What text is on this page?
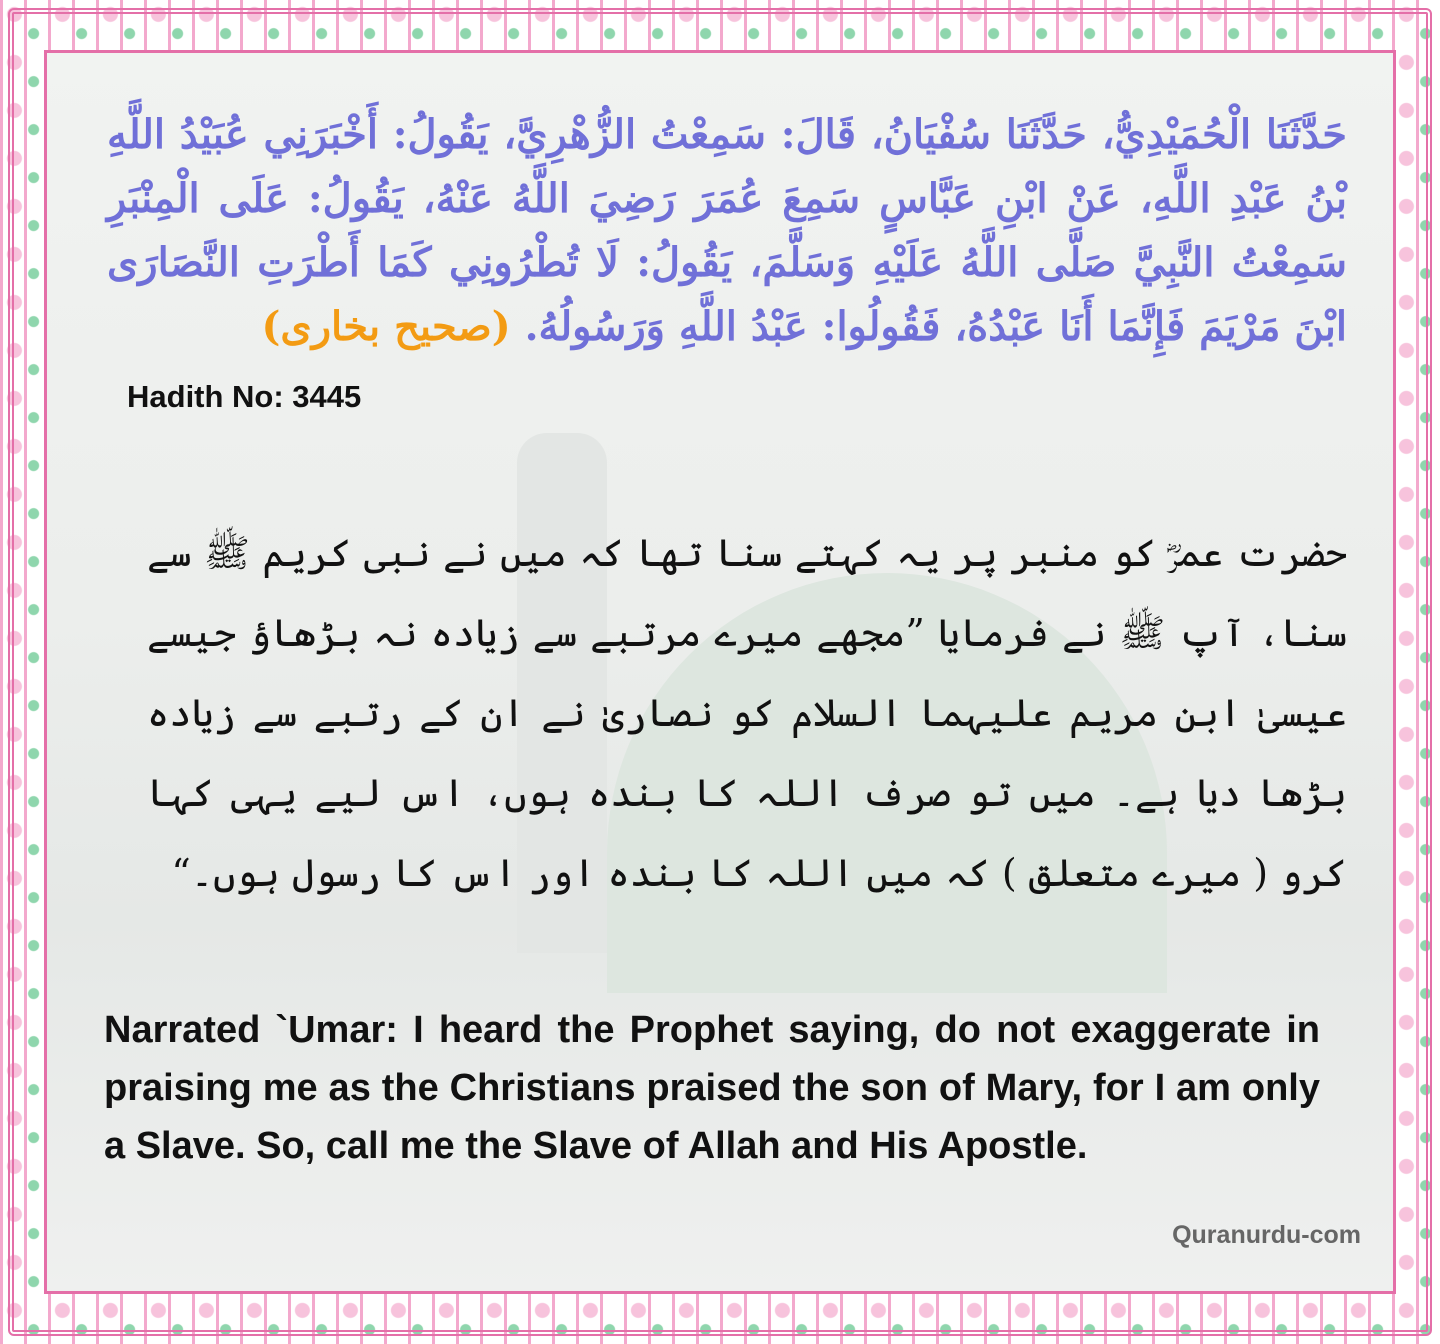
حَدَّثَنَا الْحُمَيْدِيُّ، حَدَّثَنَا سُفْيَانُ، قَالَ: سَمِعْتُ الزُّهْرِيَّ، يَقُولُ: أَخْبَرَنِي عُبَيْدُ اللَّهِ بْنُ عَبْدِ اللَّهِ، عَنْ ابْنِ عَبَّاسٍ سَمِعَ عُمَرَ رَضِيَ اللَّهُ عَنْهُ، يَقُولُ: عَلَى الْمِنْبَرِ سَمِعْتُ النَّبِيَّ صَلَّى اللَّهُ عَلَيْهِ وَسَلَّمَ، يَقُولُ: لَا تُطْرُونِي كَمَا أَطْرَتِ النَّصَارَى ابْنَ مَرْيَمَ فَإِنَّمَا أَنَا عَبْدُهُ، فَقُولُوا: عَبْدُ اللَّهِ وَرَسُولُهُ. (صحیح بخاری)
Hadith No: 3445
حضرت عمرؓ کو منبر پر یہ کہتے سنا تھا کہ میں نے نبی کریم ﷺ سے سنا، آپ ﷺ نے فرمایا ”مجھے میرے مرتبے سے زیادہ نہ بڑھاؤ جیسے عیسیٰ ابن مریم علیہما السلام کو نصاریٰ نے ان کے رتبے سے زیادہ بڑھا دیا ہے۔ میں تو صرف اللہ کا بندہ ہوں، اس لیے یہی کہا کرو ( میرے متعلق ) کہ میں اللہ کا بندہ اور اس کا رسول ہوں۔“
Narrated `Umar: I heard the Prophet saying, do not exaggerate in praising me as the Christians praised the son of Mary, for I am only a Slave. So, call me the Slave of Allah and His Apostle.
Quranurdu-com
